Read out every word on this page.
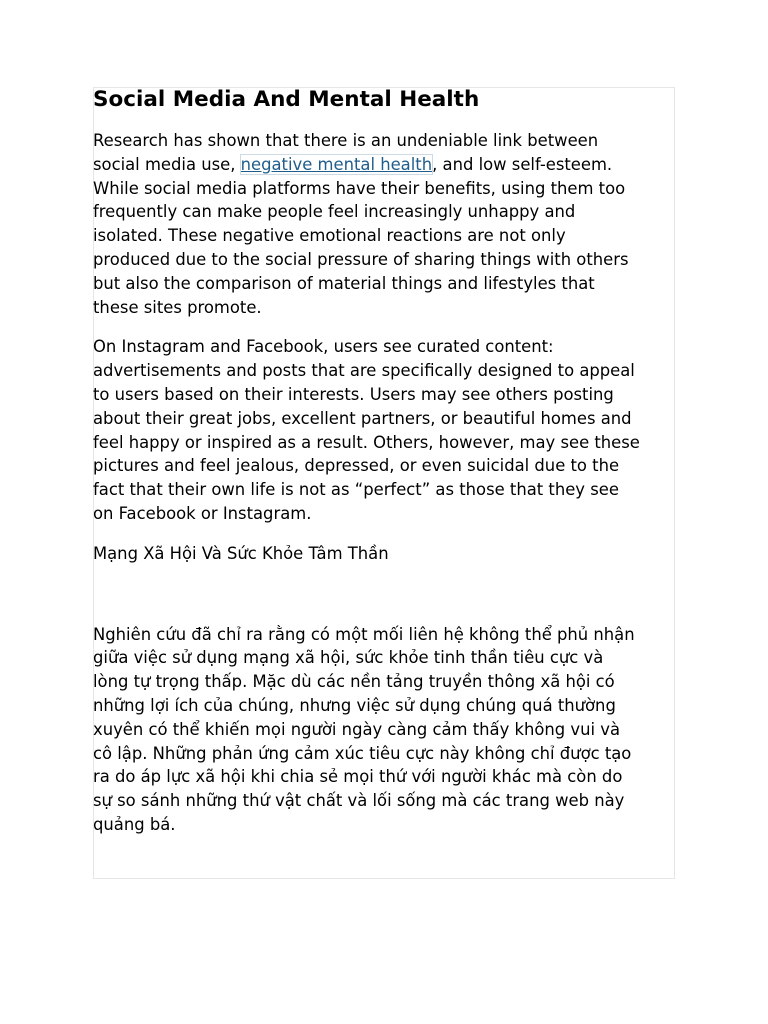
Social Media And Mental Health

Research has shown that there is an undeniable link between
social media use, negative mental health, and low self-esteem.
While social media platforms have their benefits, using them too
frequently can make people feel increasingly unhappy and
isolated. These negative emotional reactions are not only
produced due to the social pressure of sharing things with others
but also the comparison of material things and lifestyles that
these sites promote.

On Instagram and Facebook, users see curated content:
advertisements and posts that are specifically designed to appeal
to users based on their interests. Users may see others posting
about their great jobs, excellent partners, or beautiful homes and
feel happy or inspired as a result. Others, however, may see these
pictures and feel jealous, depressed, or even suicidal due to the
fact that their own life is not as “perfect” as those that they see
on Facebook or Instagram.

Mạng Xã Hội Và Sức Khỏe Tâm Thần

Nghiên cứu đã chỉ ra rằng có một mối liên hệ không thể phủ nhận
giữa việc sử dụng mạng xã hội, sức khỏe tinh thần tiêu cực và
lòng tự trọng thấp. Mặc dù các nền tảng truyền thông xã hội có
những lợi ích của chúng, nhưng việc sử dụng chúng quá thường
xuyên có thể khiến mọi người ngày càng cảm thấy không vui và
cô lập. Những phản ứng cảm xúc tiêu cực này không chỉ được tạo
ra do áp lực xã hội khi chia sẻ mọi thứ với người khác mà còn do
sự so sánh những thứ vật chất và lối sống mà các trang web này
quảng bá.
